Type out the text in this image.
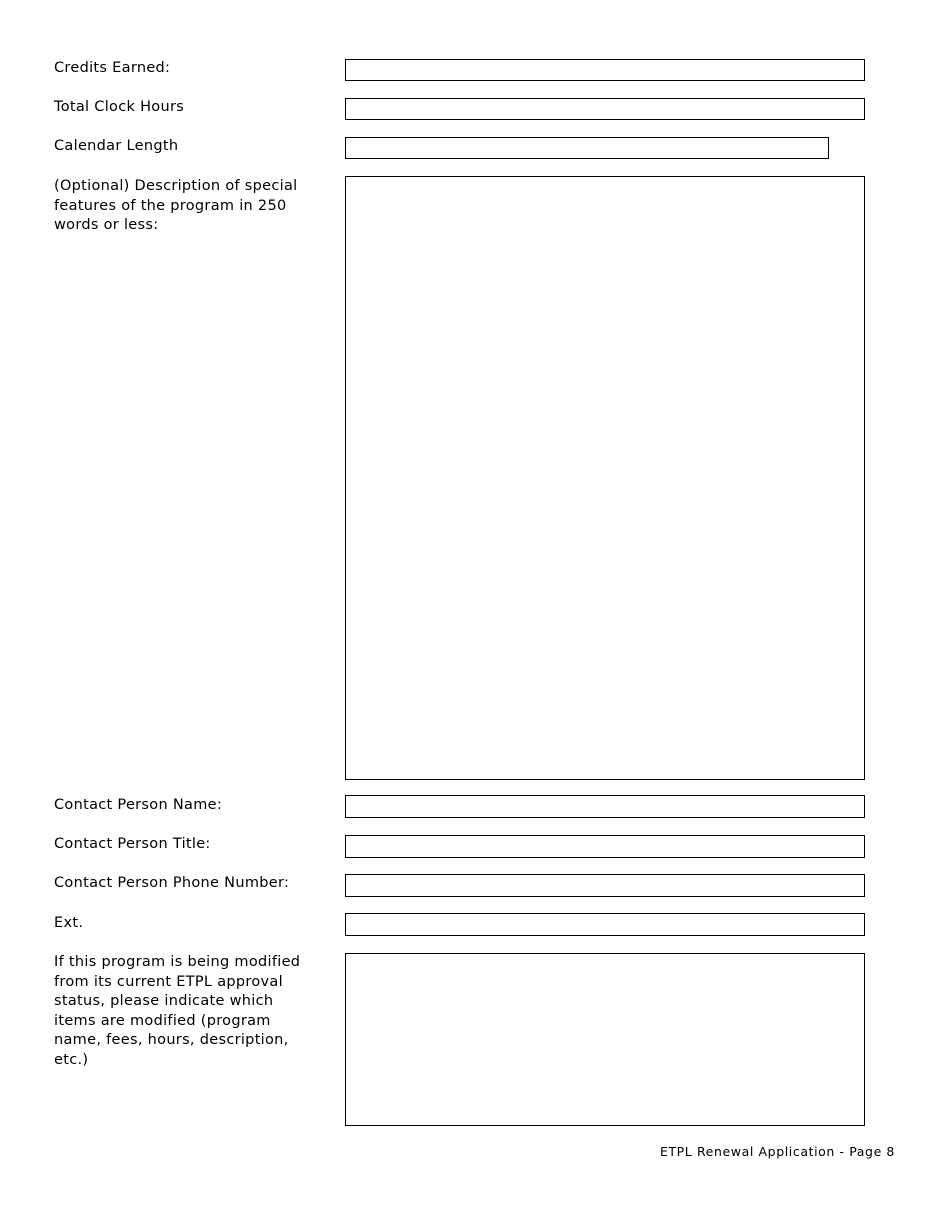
Credits Earned:

Total Clock Hours

Calendar Length

(Optional) Description of special features of the program in 250 words or less:

Contact Person Name:

Contact Person Title:

Contact Person Phone Number:

Ext.

If this program is being modified from its current ETPL approval status, please indicate which items are modified (program name, fees, hours, description, etc.)

ETPL Renewal Application - Page 8
